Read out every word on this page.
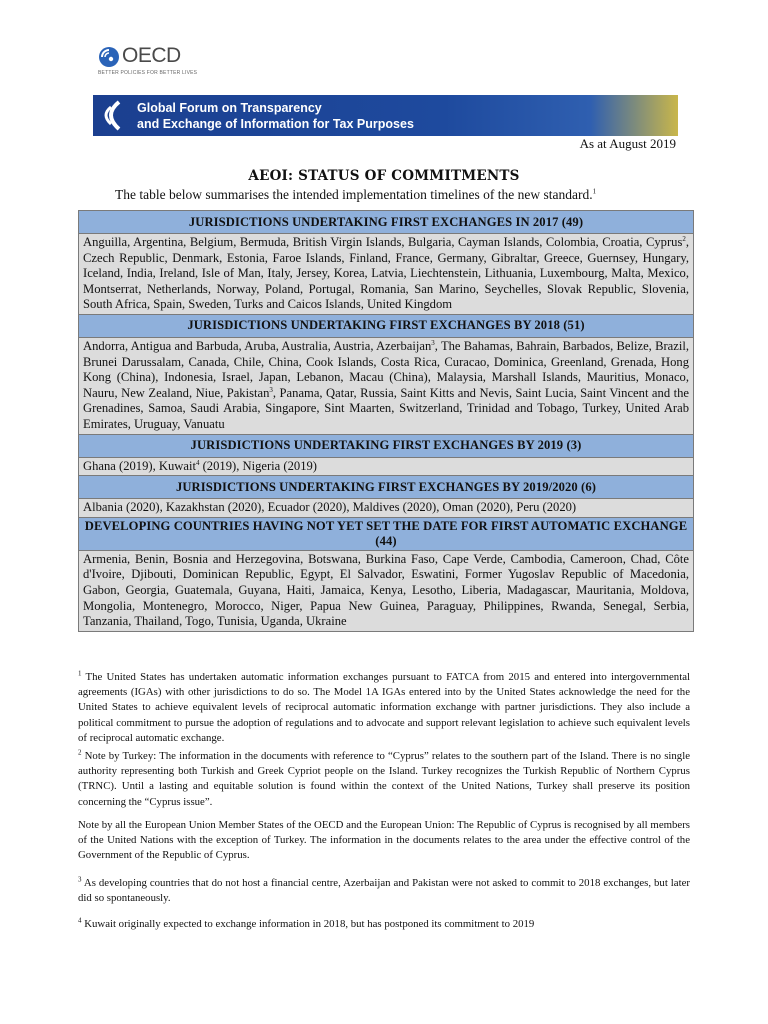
OECD
BETTER POLICIES FOR BETTER LIVES
Global Forum on Transparency
and Exchange of Information for Tax Purposes
As at August 2019
AEOI: STATUS OF COMMITMENTS
The table below summarises the intended implementation timelines of the new standard.$^1$
JURISDICTIONS UNDERTAKING FIRST EXCHANGES IN 2017 (49)
Anguilla, Argentina, Belgium, Bermuda, British Virgin Islands, Bulgaria, Cayman Islands, Colombia, Croatia, Cyprus$^2$, Czech Republic, Denmark, Estonia, Faroe Islands, Finland, France, Germany, Gibraltar, Greece, Guernsey, Hungary, Iceland, India, Ireland, Isle of Man, Italy, Jersey, Korea, Latvia, Liechtenstein, Lithuania, Luxembourg, Malta, Mexico, Montserrat, Netherlands, Norway, Poland, Portugal, Romania, San Marino, Seychelles, Slovak Republic, Slovenia, South Africa, Spain, Sweden, Turks and Caicos Islands, United Kingdom
JURISDICTIONS UNDERTAKING FIRST EXCHANGES BY 2018 (51)
Andorra, Antigua and Barbuda, Aruba, Australia, Austria, Azerbaijan$^3$, The Bahamas, Bahrain, Barbados, Belize, Brazil, Brunei Darussalam, Canada, Chile, China, Cook Islands, Costa Rica, Curacao, Dominica, Greenland, Grenada, Hong Kong (China), Indonesia, Israel, Japan, Lebanon, Macau (China), Malaysia, Marshall Islands, Mauritius, Monaco, Nauru, New Zealand, Niue, Pakistan$^3$, Panama, Qatar, Russia, Saint Kitts and Nevis, Saint Lucia, Saint Vincent and the Grenadines, Samoa, Saudi Arabia, Singapore, Sint Maarten, Switzerland, Trinidad and Tobago, Turkey, United Arab Emirates, Uruguay, Vanuatu
JURISDICTIONS UNDERTAKING FIRST EXCHANGES BY 2019 (3)
Ghana (2019), Kuwait$^4$ (2019), Nigeria (2019)
JURISDICTIONS UNDERTAKING FIRST EXCHANGES BY 2019/2020 (6)
Albania (2020), Kazakhstan (2020), Ecuador (2020), Maldives (2020), Oman (2020), Peru (2020)
DEVELOPING COUNTRIES HAVING NOT YET SET THE DATE FOR FIRST AUTOMATIC EXCHANGE (44)
Armenia, Benin, Bosnia and Herzegovina, Botswana, Burkina Faso, Cape Verde, Cambodia, Cameroon, Chad, Côte d'Ivoire, Djibouti, Dominican Republic, Egypt, El Salvador, Eswatini, Former Yugoslav Republic of Macedonia, Gabon, Georgia, Guatemala, Guyana, Haiti, Jamaica, Kenya, Lesotho, Liberia, Madagascar, Mauritania, Moldova, Mongolia, Montenegro, Morocco, Niger, Papua New Guinea, Paraguay, Philippines, Rwanda, Senegal, Serbia, Tanzania, Thailand, Togo, Tunisia, Uganda, Ukraine
$^1$ The United States has undertaken automatic information exchanges pursuant to FATCA from 2015 and entered into intergovernmental agreements (IGAs) with other jurisdictions to do so. The Model 1A IGAs entered into by the United States acknowledge the need for the United States to achieve equivalent levels of reciprocal automatic information exchange with partner jurisdictions. They also include a political commitment to pursue the adoption of regulations and to advocate and support relevant legislation to achieve such equivalent levels of reciprocal automatic exchange.
$^2$ Note by Turkey: The information in the documents with reference to “Cyprus” relates to the southern part of the Island. There is no single authority representing both Turkish and Greek Cypriot people on the Island. Turkey recognizes the Turkish Republic of Northern Cyprus (TRNC). Until a lasting and equitable solution is found within the context of the United Nations, Turkey shall preserve its position concerning the “Cyprus issue”.
Note by all the European Union Member States of the OECD and the European Union: The Republic of Cyprus is recognised by all members of the United Nations with the exception of Turkey. The information in the documents relates to the area under the effective control of the Government of the Republic of Cyprus.
$^3$ As developing countries that do not host a financial centre, Azerbaijan and Pakistan were not asked to commit to 2018 exchanges, but later did so spontaneously.
$^4$ Kuwait originally expected to exchange information in 2018, but has postponed its commitment to 2019
